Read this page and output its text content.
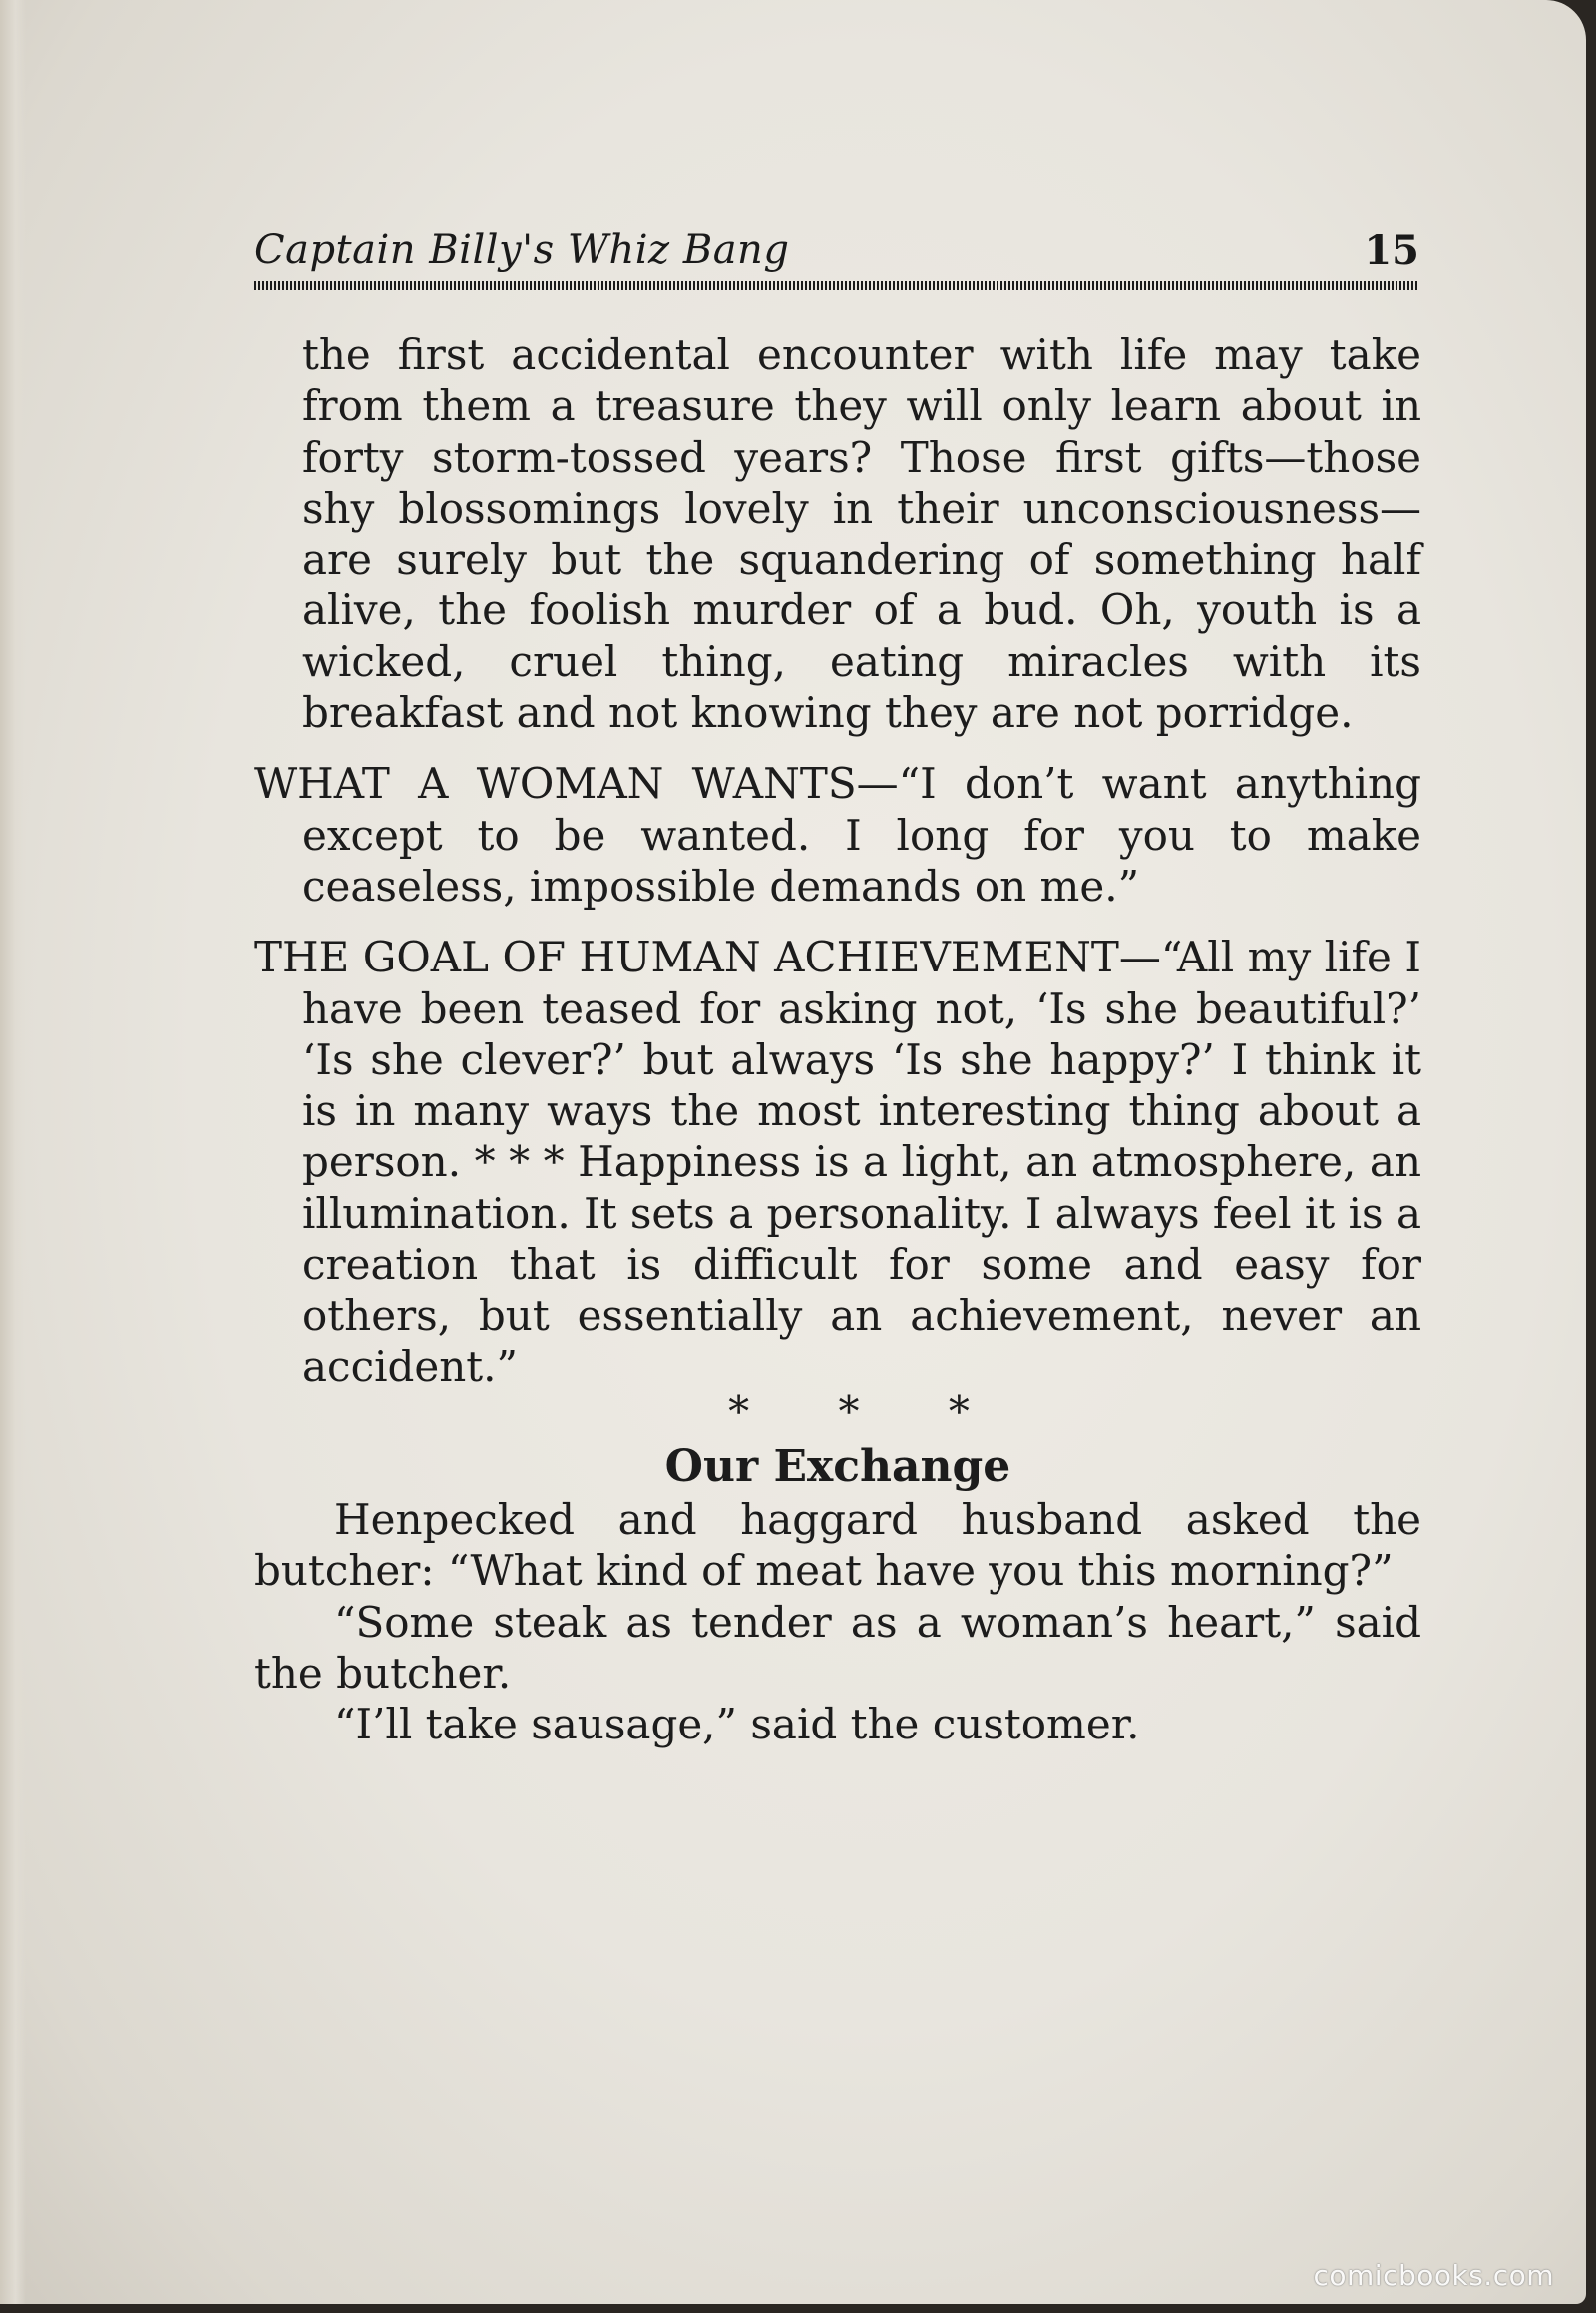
Captain Billy's Whiz Bang	15

the first accidental encounter with life may take from them a treasure they will only learn about in forty storm-tossed years? Those first gifts—those shy blossomings lovely in their unconsciousness—are surely but the squandering of something half alive, the foolish murder of a bud. Oh, youth is a wicked, cruel thing, eating miracles with its breakfast and not knowing they are not porridge.

WHAT A WOMAN WANTS—“I don’t want anything except to be wanted. I long for you to make ceaseless, impossible demands on me.”

THE GOAL OF HUMAN ACHIEVEMENT—“All my life I have been teased for asking not, ‘Is she beautiful?’ ‘Is she clever?’ but always ‘Is she happy?’ I think it is in many ways the most interesting thing about a person. * * * Happiness is a light, an atmosphere, an illumination. It sets a personality. I always feel it is a creation that is difficult for some and easy for others, but essentially an achievement, never an accident.”

* * *

Our Exchange

Henpecked and haggard husband asked the butcher: “What kind of meat have you this morning?”

“Some steak as tender as a woman’s heart,” said the butcher.

“I’ll take sausage,” said the customer.

comicbooks.com
